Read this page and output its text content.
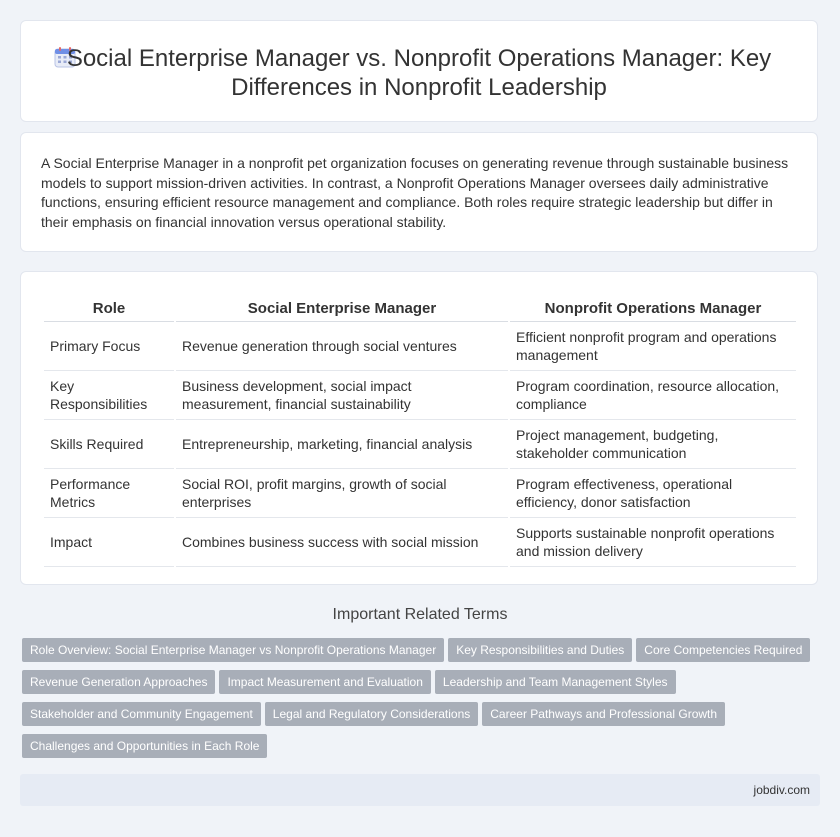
Social Enterprise Manager vs. Nonprofit Operations Manager: Key Differences in Nonprofit Leadership

A Social Enterprise Manager in a nonprofit pet organization focuses on generating revenue through sustainable business models to support mission-driven activities. In contrast, a Nonprofit Operations Manager oversees daily administrative functions, ensuring efficient resource management and compliance. Both roles require strategic leadership but differ in their emphasis on financial innovation versus operational stability.

Role	Social Enterprise Manager	Nonprofit Operations Manager
Primary Focus	Revenue generation through social ventures	Efficient nonprofit program and operations management
Key Responsibilities	Business development, social impact measurement, financial sustainability	Program coordination, resource allocation, compliance
Skills Required	Entrepreneurship, marketing, financial analysis	Project management, budgeting, stakeholder communication
Performance Metrics	Social ROI, profit margins, growth of social enterprises	Program effectiveness, operational efficiency, donor satisfaction
Impact	Combines business success with social mission	Supports sustainable nonprofit operations and mission delivery
Important Related Terms
Role Overview: Social Enterprise Manager vs Nonprofit Operations Manager Key Responsibilities and Duties Core Competencies Required
Revenue Generation Approaches Impact Measurement and Evaluation Leadership and Team Management Styles
Stakeholder and Community Engagement Legal and Regulatory Considerations Career Pathways and Professional Growth
Challenges and Opportunities in Each Role
jobdiv.com
